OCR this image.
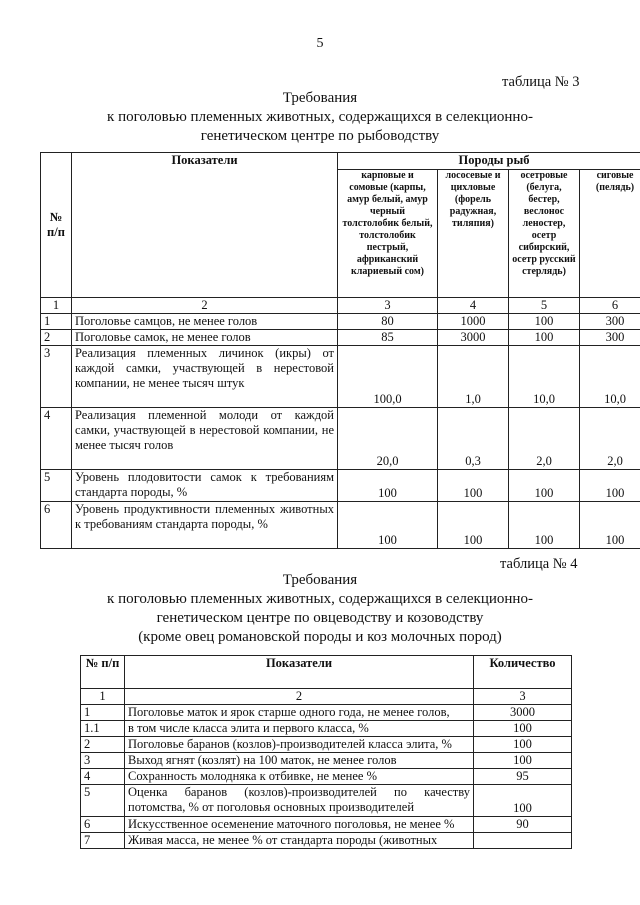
5
таблица № 3
Требования
к поголовью племенных животных, содержащихся в селекционно-
генетическом центре по рыбоводству
№ п/п	Показатели	Породы рыб			
		карповые и сомовые (карпы, амур белый, амур черный толстолобик белый, толстолобик пестрый, африканский клариевый сом)	лососевые и цихловые (форель радужная, тиляпия)	осетровые (белуга, бестер, веслонос леностер, осетр сибирский, осетр русский стерлядь)	сиговые (пелядь)
1	2	3	4	5	6
1	Поголовье самцов, не менее голов	80	1000	100	300
2	Поголовье самок, не менее голов	85	3000	100	300
3	Реализация племенных личинок (икры) от каждой самки, участвующей в нерестовой компании, не менее тысяч штук	100,0	1,0	10,0	10,0
4	Реализация племенной молоди от каждой самки, участвующей в нерестовой компании, не менее тысяч голов	20,0	0,3	2,0	2,0
5	Уровень плодовитости самок к требованиям стандарта породы, %	100	100	100	100
6	Уровень продуктивности племенных животных к требованиям стандарта породы, %	100	100	100	100
таблица № 4
Требования
к поголовью племенных животных, содержащихся в селекционно-
генетическом центре по овцеводству и козоводству
(кроме овец романовской породы и коз молочных пород)
№ п/п	Показатели	Количество
1	2	3
1	Поголовье маток и ярок старше одного года, не менее голов,	3000
1.1	в том числе класса элита и первого класса, %	100
2	Поголовье баранов (козлов)-производителей класса элита, %	100
3	Выход ягнят (козлят) на 100 маток, не менее голов	100
4	Сохранность молодняка к отбивке, не менее %	95
5	Оценка баранов (козлов)-производителей по качеству потомства, % от поголовья основных производителей	100
6	Искусственное осеменение маточного поголовья, не менее %	90
7	Живая масса, не менее % от стандарта породы (животных	
